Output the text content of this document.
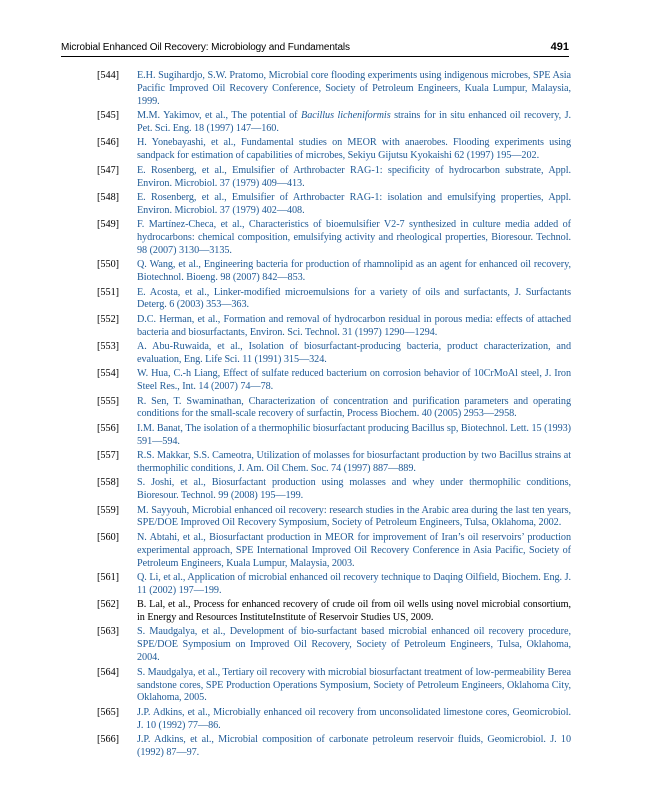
Microbial Enhanced Oil Recovery: Microbiology and Fundamentals	491
[544]	E.H. Sugihardjo, S.W. Pratomo, Microbial core flooding experiments using indigenous microbes, SPE Asia Pacific Improved Oil Recovery Conference, Society of Petroleum Engineers, Kuala Lumpur, Malaysia, 1999.
[545]	M.M. Yakimov, et al., The potential of Bacillus licheniformis strains for in situ enhanced oil recovery, J. Pet. Sci. Eng. 18 (1997) 147—160.
[546]	H. Yonebayashi, et al., Fundamental studies on MEOR with anaerobes. Flooding experiments using sandpack for estimation of capabilities of microbes, Sekiyu Gijutsu Kyokaishi 62 (1997) 195—202.
[547]	E. Rosenberg, et al., Emulsifier of Arthrobacter RAG-1: specificity of hydrocarbon substrate, Appl. Environ. Microbiol. 37 (1979) 409—413.
[548]	E. Rosenberg, et al., Emulsifier of Arthrobacter RAG-1: isolation and emulsifying properties, Appl. Environ. Microbiol. 37 (1979) 402—408.
[549]	F. Martínez-Checa, et al., Characteristics of bioemulsifier V2-7 synthesized in culture media added of hydrocarbons: chemical composition, emulsifying activity and rheological properties, Bioresour. Technol. 98 (2007) 3130—3135.
[550]	Q. Wang, et al., Engineering bacteria for production of rhamnolipid as an agent for enhanced oil recovery, Biotechnol. Bioeng. 98 (2007) 842—853.
[551]	E. Acosta, et al., Linker-modified microemulsions for a variety of oils and surfactants, J. Surfactants Deterg. 6 (2003) 353—363.
[552]	D.C. Herman, et al., Formation and removal of hydrocarbon residual in porous media: effects of attached bacteria and biosurfactants, Environ. Sci. Technol. 31 (1997) 1290—1294.
[553]	A. Abu-Ruwaida, et al., Isolation of biosurfactant-producing bacteria, product characterization, and evaluation, Eng. Life Sci. 11 (1991) 315—324.
[554]	W. Hua, C.-h Liang, Effect of sulfate reduced bacterium on corrosion behavior of 10CrMoAl steel, J. Iron Steel Res., Int. 14 (2007) 74—78.
[555]	R. Sen, T. Swaminathan, Characterization of concentration and purification parameters and operating conditions for the small-scale recovery of surfactin, Process Biochem. 40 (2005) 2953—2958.
[556]	I.M. Banat, The isolation of a thermophilic biosurfactant producing Bacillus sp, Biotechnol. Lett. 15 (1993) 591—594.
[557]	R.S. Makkar, S.S. Cameotra, Utilization of molasses for biosurfactant production by two Bacillus strains at thermophilic conditions, J. Am. Oil Chem. Soc. 74 (1997) 887—889.
[558]	S. Joshi, et al., Biosurfactant production using molasses and whey under thermophilic conditions, Bioresour. Technol. 99 (2008) 195—199.
[559]	M. Sayyouh, Microbial enhanced oil recovery: research studies in the Arabic area during the last ten years, SPE/DOE Improved Oil Recovery Symposium, Society of Petroleum Engineers, Tulsa, Oklahoma, 2002.
[560]	N. Abtahi, et al., Biosurfactant production in MEOR for improvement of Iran’s oil reservoirs’ production experimental approach, SPE International Improved Oil Recovery Conference in Asia Pacific, Society of Petroleum Engineers, Kuala Lumpur, Malaysia, 2003.
[561]	Q. Li, et al., Application of microbial enhanced oil recovery technique to Daqing Oilfield, Biochem. Eng. J. 11 (2002) 197—199.
[562]	B. Lal, et al., Process for enhanced recovery of crude oil from oil wells using novel microbial consortium, in Energy and Resources InstituteInstitute of Reservoir Studies US, 2009.
[563]	S. Maudgalya, et al., Development of bio-surfactant based microbial enhanced oil recovery procedure, SPE/DOE Symposium on Improved Oil Recovery, Society of Petroleum Engineers, Tulsa, Oklahoma, 2004.
[564]	S. Maudgalya, et al., Tertiary oil recovery with microbial biosurfactant treatment of low-permeability Berea sandstone cores, SPE Production Operations Symposium, Society of Petroleum Engineers, Oklahoma City, Oklahoma, 2005.
[565]	J.P. Adkins, et al., Microbially enhanced oil recovery from unconsolidated limestone cores, Geomicrobiol. J. 10 (1992) 77—86.
[566]	J.P. Adkins, et al., Microbial composition of carbonate petroleum reservoir fluids, Geomicrobiol. J. 10 (1992) 87—97.
